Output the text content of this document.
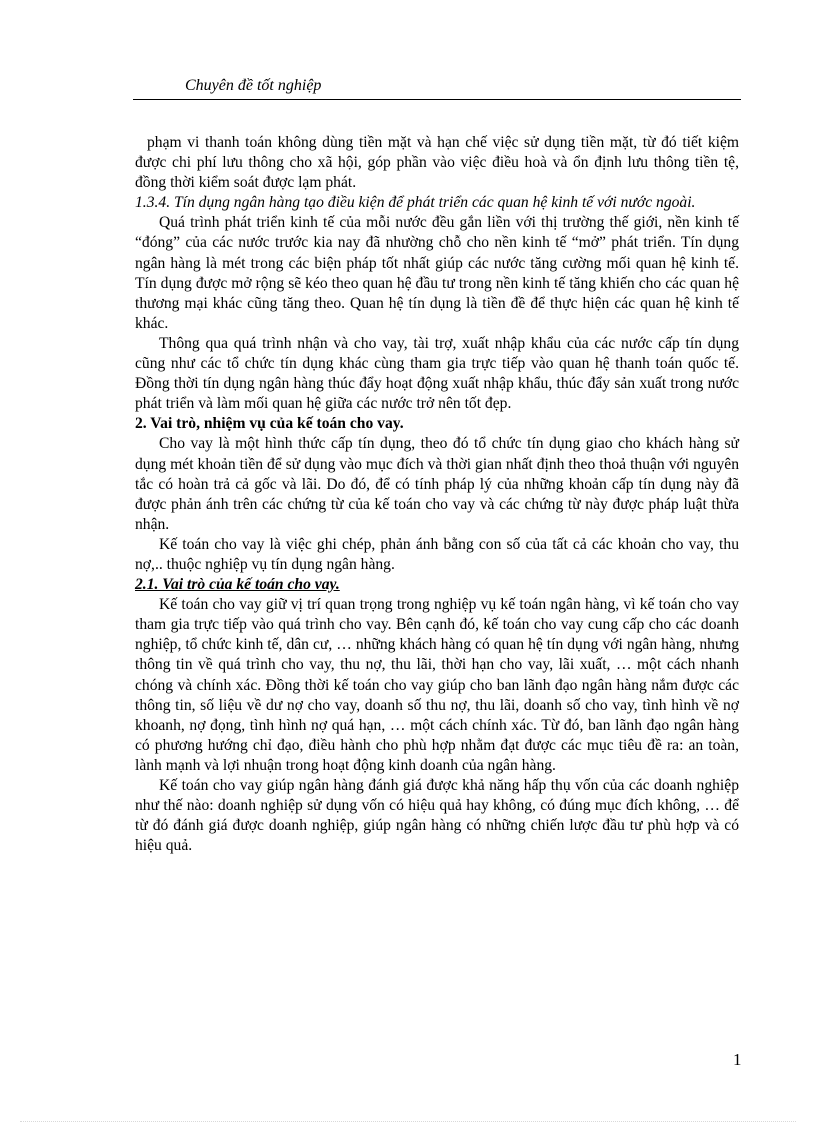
Chuyên đề tốt nghiệp

phạm vi thanh toán không dùng tiền mặt và hạn chế việc sử dụng tiền mặt, từ đó tiết kiệm được chi phí lưu thông cho xã hội, góp phần vào việc điều hoà và ổn định lưu thông tiền tệ, đồng thời kiểm soát được lạm phát.

1.3.4. Tín dụng ngân hàng tạo điều kiện để phát triển các quan hệ kinh tế với nước ngoài.

Quá trình phát triển kinh tế của mỗi nước đều gắn liền với thị trường thế giới, nền kinh tế “đóng” của các nước trước kia nay đã nhường chỗ cho nền kinh tế “mở” phát triển. Tín dụng ngân hàng là mét trong các biện pháp tốt nhất giúp các nước tăng cường mối quan hệ kinh tế. Tín dụng được mở rộng sẽ kéo theo quan hệ đầu tư trong nền kinh tế tăng khiến cho các quan hệ thương mại khác cũng tăng theo. Quan hệ tín dụng là tiền đề để thực hiện các quan hệ kinh tế khác.

Thông qua quá trình nhận và cho vay, tài trợ, xuất nhập khẩu của các nước cấp tín dụng cũng như các tổ chức tín dụng khác cùng tham gia trực tiếp vào quan hệ thanh toán quốc tế. Đồng thời tín dụng ngân hàng thúc đẩy hoạt động xuất nhập khẩu, thúc đẩy sản xuất trong nước phát triển và làm mối quan hệ giữa các nước trở nên tốt đẹp.

2. Vai trò, nhiệm vụ của kế toán cho vay.

Cho vay là một hình thức cấp tín dụng, theo đó tổ chức tín dụng giao cho khách hàng sử dụng mét khoản tiền để sử dụng vào mục đích và thời gian nhất định theo thoả thuận với nguyên tắc có hoàn trả cả gốc và lãi. Do đó, để có tính pháp lý của những khoản cấp tín dụng này đã được phản ánh trên các chứng từ của kế toán cho vay và các chứng từ này được pháp luật thừa nhận.

Kế toán cho vay là việc ghi chép, phản ánh bằng con số của tất cả các khoản cho vay, thu nợ,.. thuộc nghiệp vụ tín dụng ngân hàng.

2.1. Vai trò của kế toán cho vay.

Kế toán cho vay giữ vị trí quan trọng trong nghiệp vụ kế toán ngân hàng, vì kế toán cho vay tham gia trực tiếp vào quá trình cho vay. Bên cạnh đó, kế toán cho vay cung cấp cho các doanh nghiệp, tổ chức kinh tế, dân cư, … những khách hàng có quan hệ tín dụng với ngân hàng, nhưng thông tin về quá trình cho vay, thu nợ, thu lãi, thời hạn cho vay, lãi xuất, … một cách nhanh chóng và chính xác. Đồng thời kế toán cho vay giúp cho ban lãnh đạo ngân hàng nắm được các thông tin, số liệu về dư nợ cho vay, doanh số thu nợ, thu lãi, doanh số cho vay, tình hình về nợ khoanh, nợ đọng, tình hình nợ quá hạn, … một cách chính xác. Từ đó, ban lãnh đạo ngân hàng có phương hướng chỉ đạo, điều hành cho phù hợp nhằm đạt được các mục tiêu đề ra: an toàn, lành mạnh và lợi nhuận trong hoạt động kinh doanh của ngân hàng.

Kế toán cho vay giúp ngân hàng đánh giá được khả năng hấp thụ vốn của các doanh nghiệp như thế nào: doanh nghiệp sử dụng vốn có hiệu quả hay không, có đúng mục đích không, … để từ đó đánh giá được doanh nghiệp, giúp ngân hàng có những chiến lược đầu tư phù hợp và có hiệu quả.

1
